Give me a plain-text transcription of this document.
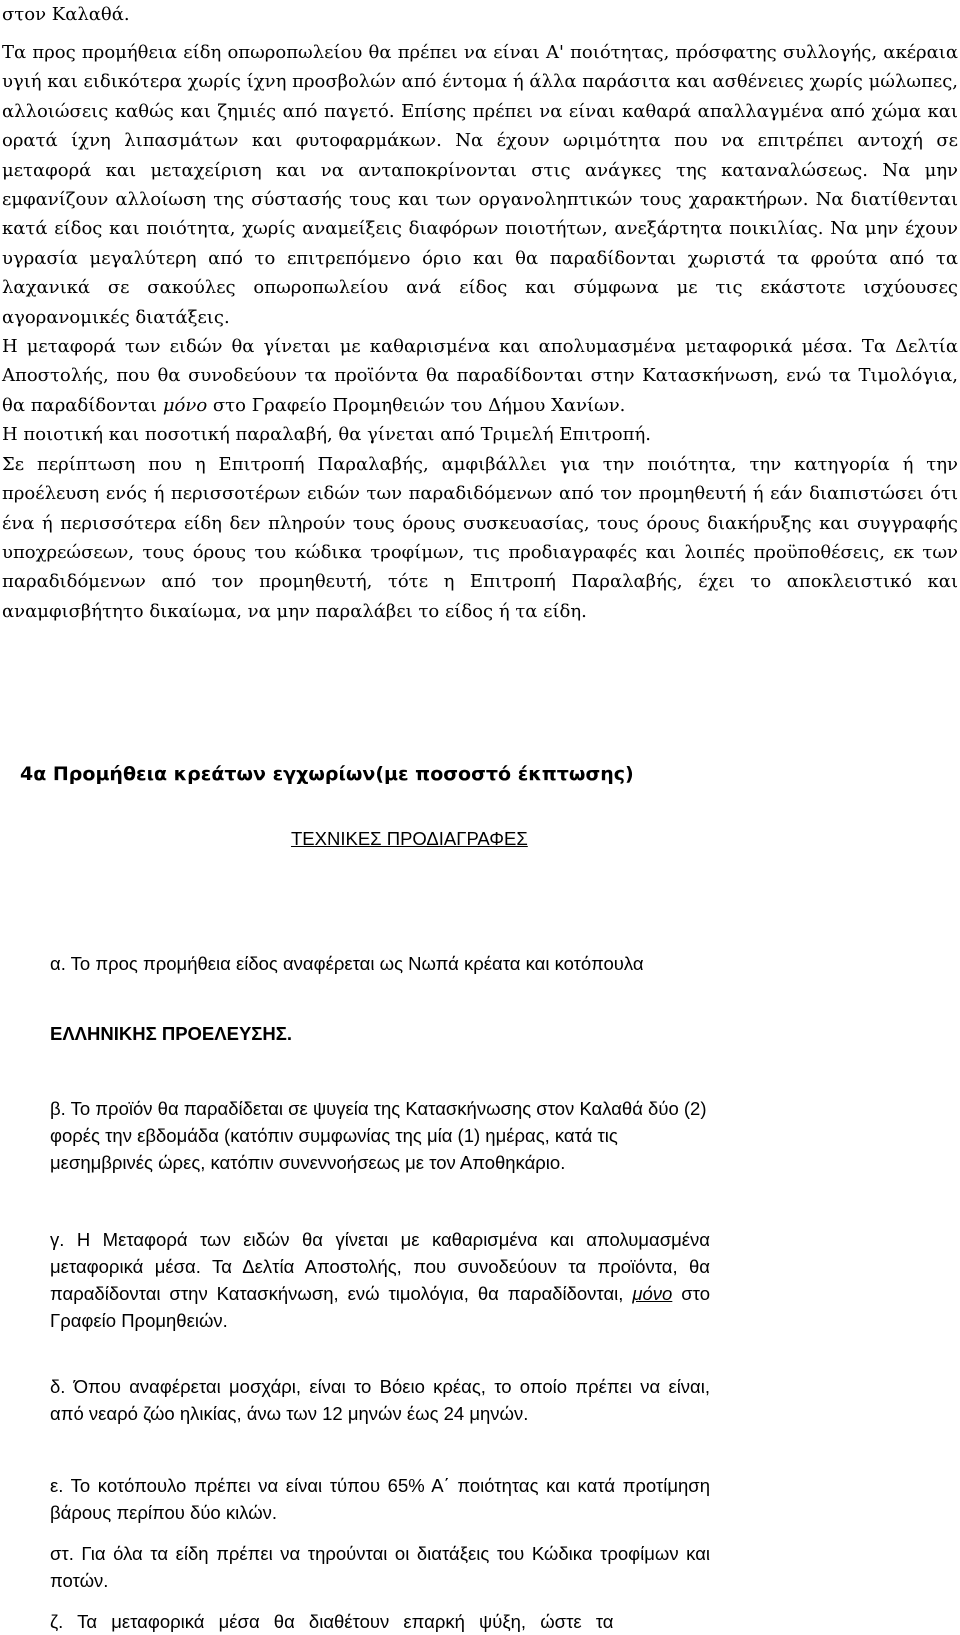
στον Καλαθά.

Τα προς προμήθεια είδη οπωροπωλείου θα πρέπει να είναι Α' ποιότητας, πρόσφατης συλλογής, ακέραια υγιή και ειδικότερα χωρίς ίχνη προσβολών από έντομα ή άλλα παράσιτα και ασθένειες χωρίς μώλωπες, αλλοιώσεις καθώς και ζημιές από παγετό. Επίσης πρέπει να είναι καθαρά απαλλαγμένα από χώμα και ορατά ίχνη λιπασμάτων και φυτοφαρμάκων. Να έχουν ωριμότητα που να επιτρέπει αντοχή σε μεταφορά και μεταχείριση και να ανταποκρίνονται στις ανάγκες της καταναλώσεως. Να μην εμφανίζουν αλλοίωση της σύστασής τους και των οργανοληπτικών τους χαρακτήρων. Να διατίθενται κατά είδος και ποιότητα, χωρίς αναμείξεις διαφόρων ποιοτήτων, ανεξάρτητα ποικιλίας. Να μην έχουν υγρασία μεγαλύτερη από το επιτρεπόμενο όριο και θα παραδίδονται χωριστά τα φρούτα από τα λαχανικά σε σακούλες οπωροπωλείου ανά είδος και σύμφωνα με τις εκάστοτε ισχύουσες αγορανομικές διατάξεις.

Η μεταφορά των ειδών θα γίνεται με καθαρισμένα και απολυμασμένα μεταφορικά μέσα. Τα Δελτία Αποστολής, που θα συνοδεύουν τα προϊόντα θα παραδίδονται στην Κατασκήνωση, ενώ τα Τιμολόγια, θα παραδίδονται μόνο στο Γραφείο Προμηθειών του Δήμου Χανίων.

Η ποιοτική και ποσοτική παραλαβή, θα γίνεται από Τριμελή Επιτροπή.

Σε περίπτωση που η Επιτροπή Παραλαβής, αμφιβάλλει για την ποιότητα, την κατηγορία ή την προέλευση ενός ή περισσοτέρων ειδών των παραδιδόμενων από τον προμηθευτή ή εάν διαπιστώσει ότι ένα ή περισσότερα είδη δεν πληρούν τους όρους συσκευασίας, τους όρους διακήρυξης και συγγραφής υποχρεώσεων, τους όρους του κώδικα τροφίμων, τις προδιαγραφές και λοιπές προϋποθέσεις, εκ των παραδιδόμενων από τον προμηθευτή, τότε η Επιτροπή Παραλαβής, έχει το αποκλειστικό και αναμφισβήτητο δικαίωμα, να μην παραλάβει το είδος ή τα είδη.

4α Προμήθεια κρεάτων εγχωρίων(με ποσοστό έκπτωσης)
ΤΕΧΝΙΚΕΣ ΠΡΟΔΙΑΓΡΑΦΕΣ

α. Το προς προμήθεια είδος αναφέρεται ως Νωπά κρέατα και κοτόπουλα

ΕΛΛΗΝΙΚΗΣ ΠΡΟΕΛΕΥΣΗΣ.

β. Το προϊόν θα παραδίδεται σε ψυγεία της Κατασκήνωσης στον Καλαθά δύο (2) φορές την εβδομάδα (κατόπιν συμφωνίας της μία (1) ημέρας, κατά τις μεσημβρινές ώρες, κατόπιν συνεννοήσεως με τον Αποθηκάριο.

γ. Η Μεταφορά των ειδών θα γίνεται με καθαρισμένα και απολυμασμένα μεταφορικά μέσα. Τα Δελτία Αποστολής, που συνοδεύουν τα προϊόντα, θα παραδίδονται στην Κατασκήνωση, ενώ τιμολόγια, θα παραδίδονται, μόνο στο Γραφείο Προμηθειών.

δ. Όπου αναφέρεται μοσχάρι, είναι το Βόειο κρέας, το οποίο πρέπει να είναι, από νεαρό ζώο ηλικίας, άνω των 12 μηνών έως 24 μηνών.

ε. Το κοτόπουλο πρέπει να είναι τύπου 65% Α΄ ποιότητας και κατά προτίμηση βάρους περίπου δύο κιλών.

στ. Για όλα τα είδη πρέπει να τηρούνται οι διατάξεις του Κώδικα τροφίμων και ποτών.

ζ. Τα μεταφορικά μέσα θα διαθέτουν επαρκή ψύξη, ώστε τα
